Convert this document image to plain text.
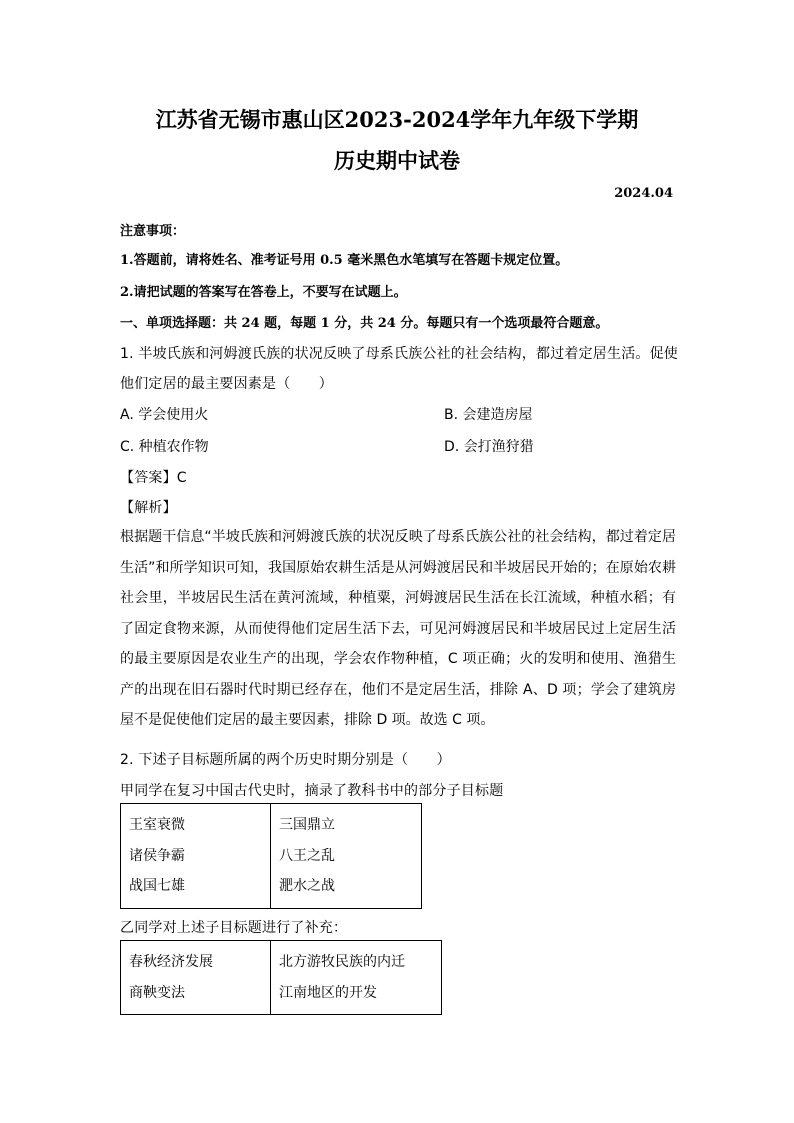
江苏省无锡市惠山区2023-2024学年九年级下学期
历史期中试卷
2024.04
注意事项：
1.答题前，请将姓名、准考证号用 0.5 毫米黑色水笔填写在答题卡规定位置。
2.请把试题的答案写在答卷上，不要写在试题上。
一、单项选择题：共 24 题，每题 1 分，共 24 分。每题只有一个选项最符合题意。
1. 半坡氏族和河姆渡氏族的状况反映了母系氏族公社的社会结构，都过着定居生活。促使
他们定居的最主要因素是（　　）
A. 学会使用火	B. 会建造房屋
C. 种植农作物	D. 会打渔狩猎
【答案】C
【解析】
根据题干信息“半坡氏族和河姆渡氏族的状况反映了母系氏族公社的社会结构，都过着定居生活”和所学知识可知，我国原始农耕生活是从河姆渡居民和半坡居民开始的；在原始农耕社会里，半坡居民生活在黄河流域，种植粟，河姆渡居民生活在长江流域，种植水稻；有了固定食物来源，从而使得他们定居生活下去，可见河姆渡居民和半坡居民过上定居生活的最主要原因是农业生产的出现，学会农作物种植，C 项正确；火的发明和使用、渔猎生产的出现在旧石器时代时期已经存在，他们不是定居生活，排除 A、D 项；学会了建筑房屋不是促使他们定居的最主要因素，排除 D 项。故选 C 项。
2. 下述子目标题所属的两个历史时期分别是（　　）
甲同学在复习中国古代史时，摘录了教科书中的部分子目标题
王室衰微
诸侯争霸
战国七雄

三国鼎立
八王之乱
淝水之战
乙同学对上述子目标题进行了补充：
春秋经济发展
商鞅变法

北方游牧民族的内迁
江南地区的开发
